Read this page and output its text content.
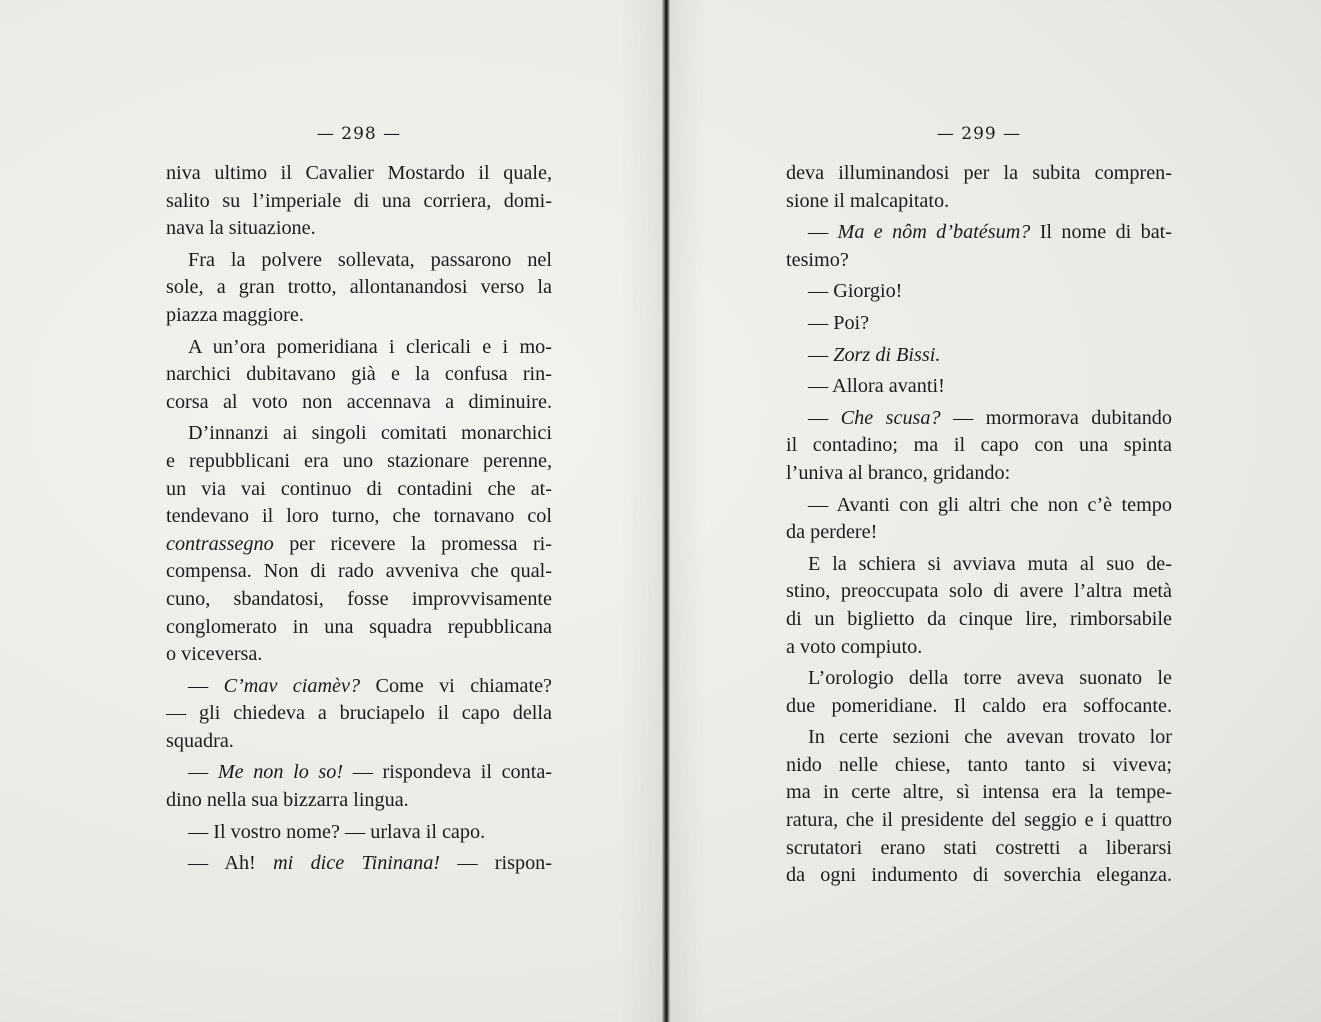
— 298 —
niva ultimo il Cavalier Mostardo il quale,
salito su l’imperiale di una corriera, domi-
nava la situazione.
Fra la polvere sollevata, passarono nel
sole, a gran trotto, allontanandosi verso la
piazza maggiore.
A un’ora pomeridiana i clericali e i mo-
narchici dubitavano già e la confusa rin-
corsa al voto non accennava a diminuire.
D’innanzi ai singoli comitati monarchici
e repubblicani era uno stazionare perenne,
un via vai continuo di contadini che at-
tendevano il loro turno, che tornavano col
contrassegno per ricevere la promessa ri-
compensa. Non di rado avveniva che qual-
cuno, sbandatosi, fosse improvvisamente
conglomerato in una squadra repubblicana
o viceversa.
— C’mav ciamèv? Come vi chiamate?
— gli chiedeva a bruciapelo il capo della
squadra.
— Me non lo so! — rispondeva il conta-
dino nella sua bizzarra lingua.
— Il vostro nome? — urlava il capo.
— Ah! mi dice Tininana! — rispon-
— 299 —
deva illuminandosi per la subita compren-
sione il malcapitato.
— Ma e nôm d’batésum? Il nome di bat-
tesimo?
— Giorgio!
— Poi?
— Zorz di Bissi.
— Allora avanti!
— Che scusa? — mormorava dubitando
il contadino; ma il capo con una spinta
l’univa al branco, gridando:
— Avanti con gli altri che non c’è tempo
da perdere!
E la schiera si avviava muta al suo de-
stino, preoccupata solo di avere l’altra metà
di un biglietto da cinque lire, rimborsabile
a voto compiuto.
L’orologio della torre aveva suonato le
due pomeridiane. Il caldo era soffocante.
In certe sezioni che avevan trovato lor
nido nelle chiese, tanto tanto si viveva;
ma in certe altre, sì intensa era la tempe-
ratura, che il presidente del seggio e i quattro
scrutatori erano stati costretti a liberarsi
da ogni indumento di soverchia eleganza.
